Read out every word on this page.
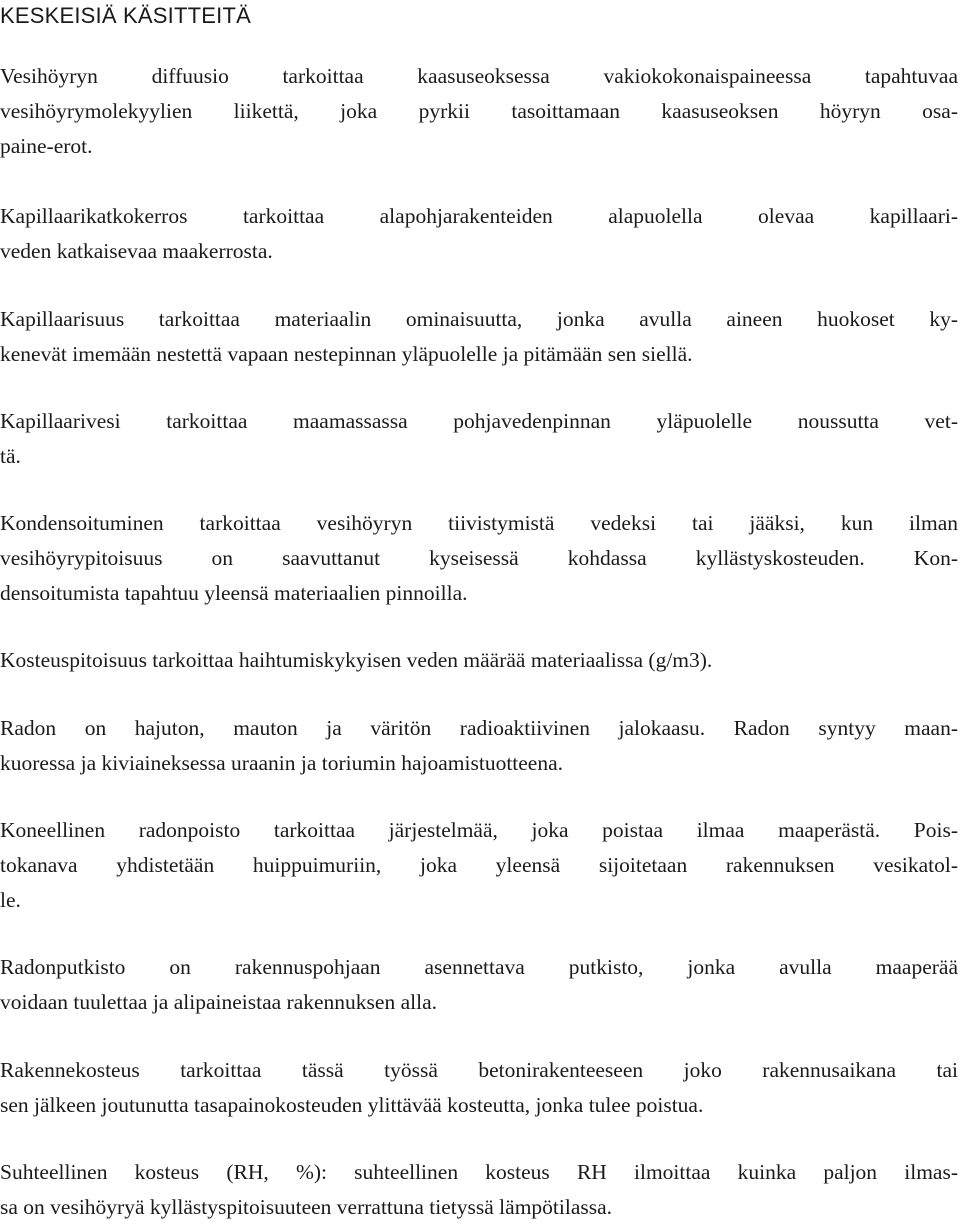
KESKEISIÄ KÄSITTEITÄ

Vesihöyryn diffuusio tarkoittaa kaasuseoksessa vakiokokonaispaineessa tapahtuvaa
vesihöyrymolekyylien liikettä, joka pyrkii tasoittamaan kaasuseoksen höyryn osa-
paine-erot.

Kapillaarikatkokerros tarkoittaa alapohjarakenteiden alapuolella olevaa kapillaari-
veden katkaisevaa maakerrosta.

Kapillaarisuus tarkoittaa materiaalin ominaisuutta, jonka avulla aineen huokoset ky-
kenevät imemään nestettä vapaan nestepinnan yläpuolelle ja pitämään sen siellä.

Kapillaarivesi tarkoittaa maamassassa pohjavedenpinnan yläpuolelle noussutta vet-
tä.

Kondensoituminen tarkoittaa vesihöyryn tiivistymistä vedeksi tai jääksi, kun ilman
vesihöyrypitoisuus on saavuttanut kyseisessä kohdassa kyllästyskosteuden. Kon-
densoitumista tapahtuu yleensä materiaalien pinnoilla.

Kosteuspitoisuus tarkoittaa haihtumiskykyisen veden määrää materiaalissa (g/m3).

Radon on hajuton, mauton ja väritön radioaktiivinen jalokaasu. Radon syntyy maan-
kuoressa ja kiviaineksessa uraanin ja toriumin hajoamistuotteena.

Koneellinen radonpoisto tarkoittaa järjestelmää, joka poistaa ilmaa maaperästä. Pois-
tokanava yhdistetään huippuimuriin, joka yleensä sijoitetaan rakennuksen vesikatol-
le.

Radonputkisto on rakennuspohjaan asennettava putkisto, jonka avulla maaperää
voidaan tuulettaa ja alipaineistaa rakennuksen alla.

Rakennekosteus tarkoittaa tässä työssä betonirakenteeseen joko rakennusaikana tai
sen jälkeen joutunutta tasapainokosteuden ylittävää kosteutta, jonka tulee poistua.

Suhteellinen kosteus (RH, %): suhteellinen kosteus RH ilmoittaa kuinka paljon ilmas-
sa on vesihöyryä kyllästyspitoisuuteen verrattuna tietyssä lämpötilassa.
